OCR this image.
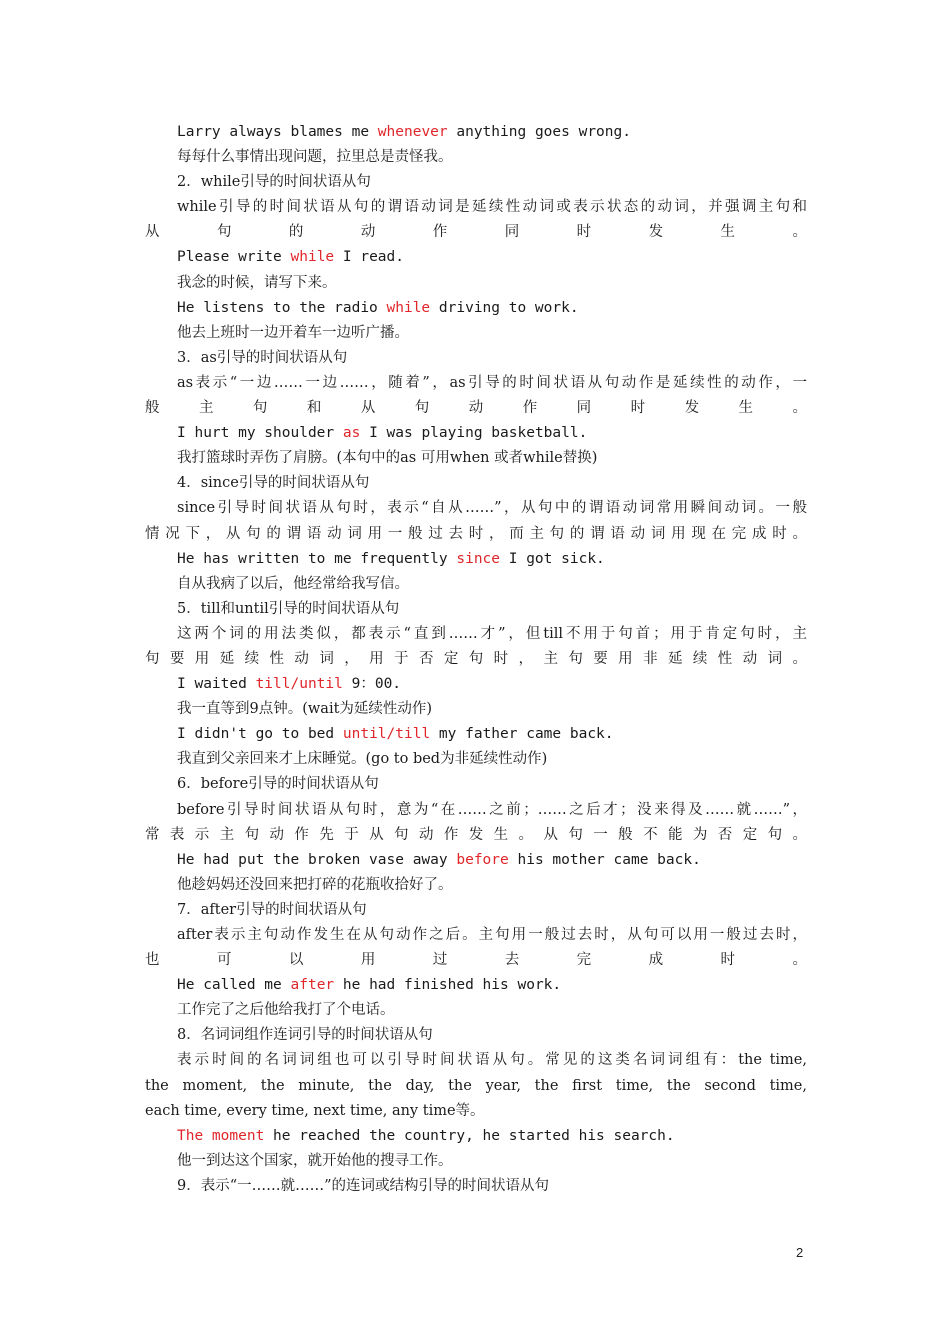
Larry always blames me whenever anything goes wrong.
每每什么事情出现问题，拉里总是责怪我。
2．while引导的时间状语从句
while引导的时间状语从句的谓语动词是延续性动词或表示状态的动词，并强调主句和
从句的动作同时发生。
Please write while I read.
我念的时候，请写下来。
He listens to the radio while driving to work.
他去上班时一边开着车一边听广播。
3．as引导的时间状语从句
as表示“一边……一边……，随着”，as引导的时间状语从句动作是延续性的动作，一
般主句和从句动作同时发生。
I hurt my shoulder as I was playing basketball.
我打篮球时弄伤了肩膀。(本句中的as 可用when 或者while替换)
4．since引导的时间状语从句
since引导时间状语从句时，表示“自从……”，从句中的谓语动词常用瞬间动词。一般
情况下，从句的谓语动词用一般过去时，而主句的谓语动词用现在完成时。
He has written to me frequently since I got sick.
自从我病了以后，他经常给我写信。
5．till和until引导的时间状语从句
这两个词的用法类似，都表示“直到……才”，但till不用于句首；用于肯定句时，主
句要用延续性动词，用于否定句时，主句要用非延续性动词。
I waited till/until 9：00.
我一直等到9点钟。(wait为延续性动作)
I didn't go to bed until/till my father came back.
我直到父亲回来才上床睡觉。(go to bed为非延续性动作)
6．before引导的时间状语从句
before引导时间状语从句时，意为“在……之前；……之后才；没来得及……就……”，
常表示主句动作先于从句动作发生。从句一般不能为否定句。
He had put the broken vase away before his mother came back.
他趁妈妈还没回来把打碎的花瓶收拾好了。
7．after引导的时间状语从句
after表示主句动作发生在从句动作之后。主句用一般过去时，从句可以用一般过去时，
也可以用过去完成时。
He called me after he had finished his work.
工作完了之后他给我打了个电话。
8．名词词组作连词引导的时间状语从句
表示时间的名词词组也可以引导时间状语从句。常见的这类名词词组有：the time,
the moment, the minute, the day, the year, the first time, the second time,
each time, every time, next time, any time等。
The moment he reached the country, he started his search.
他一到达这个国家，就开始他的搜寻工作。
9．表示“一……就……”的连词或结构引导的时间状语从句
2
